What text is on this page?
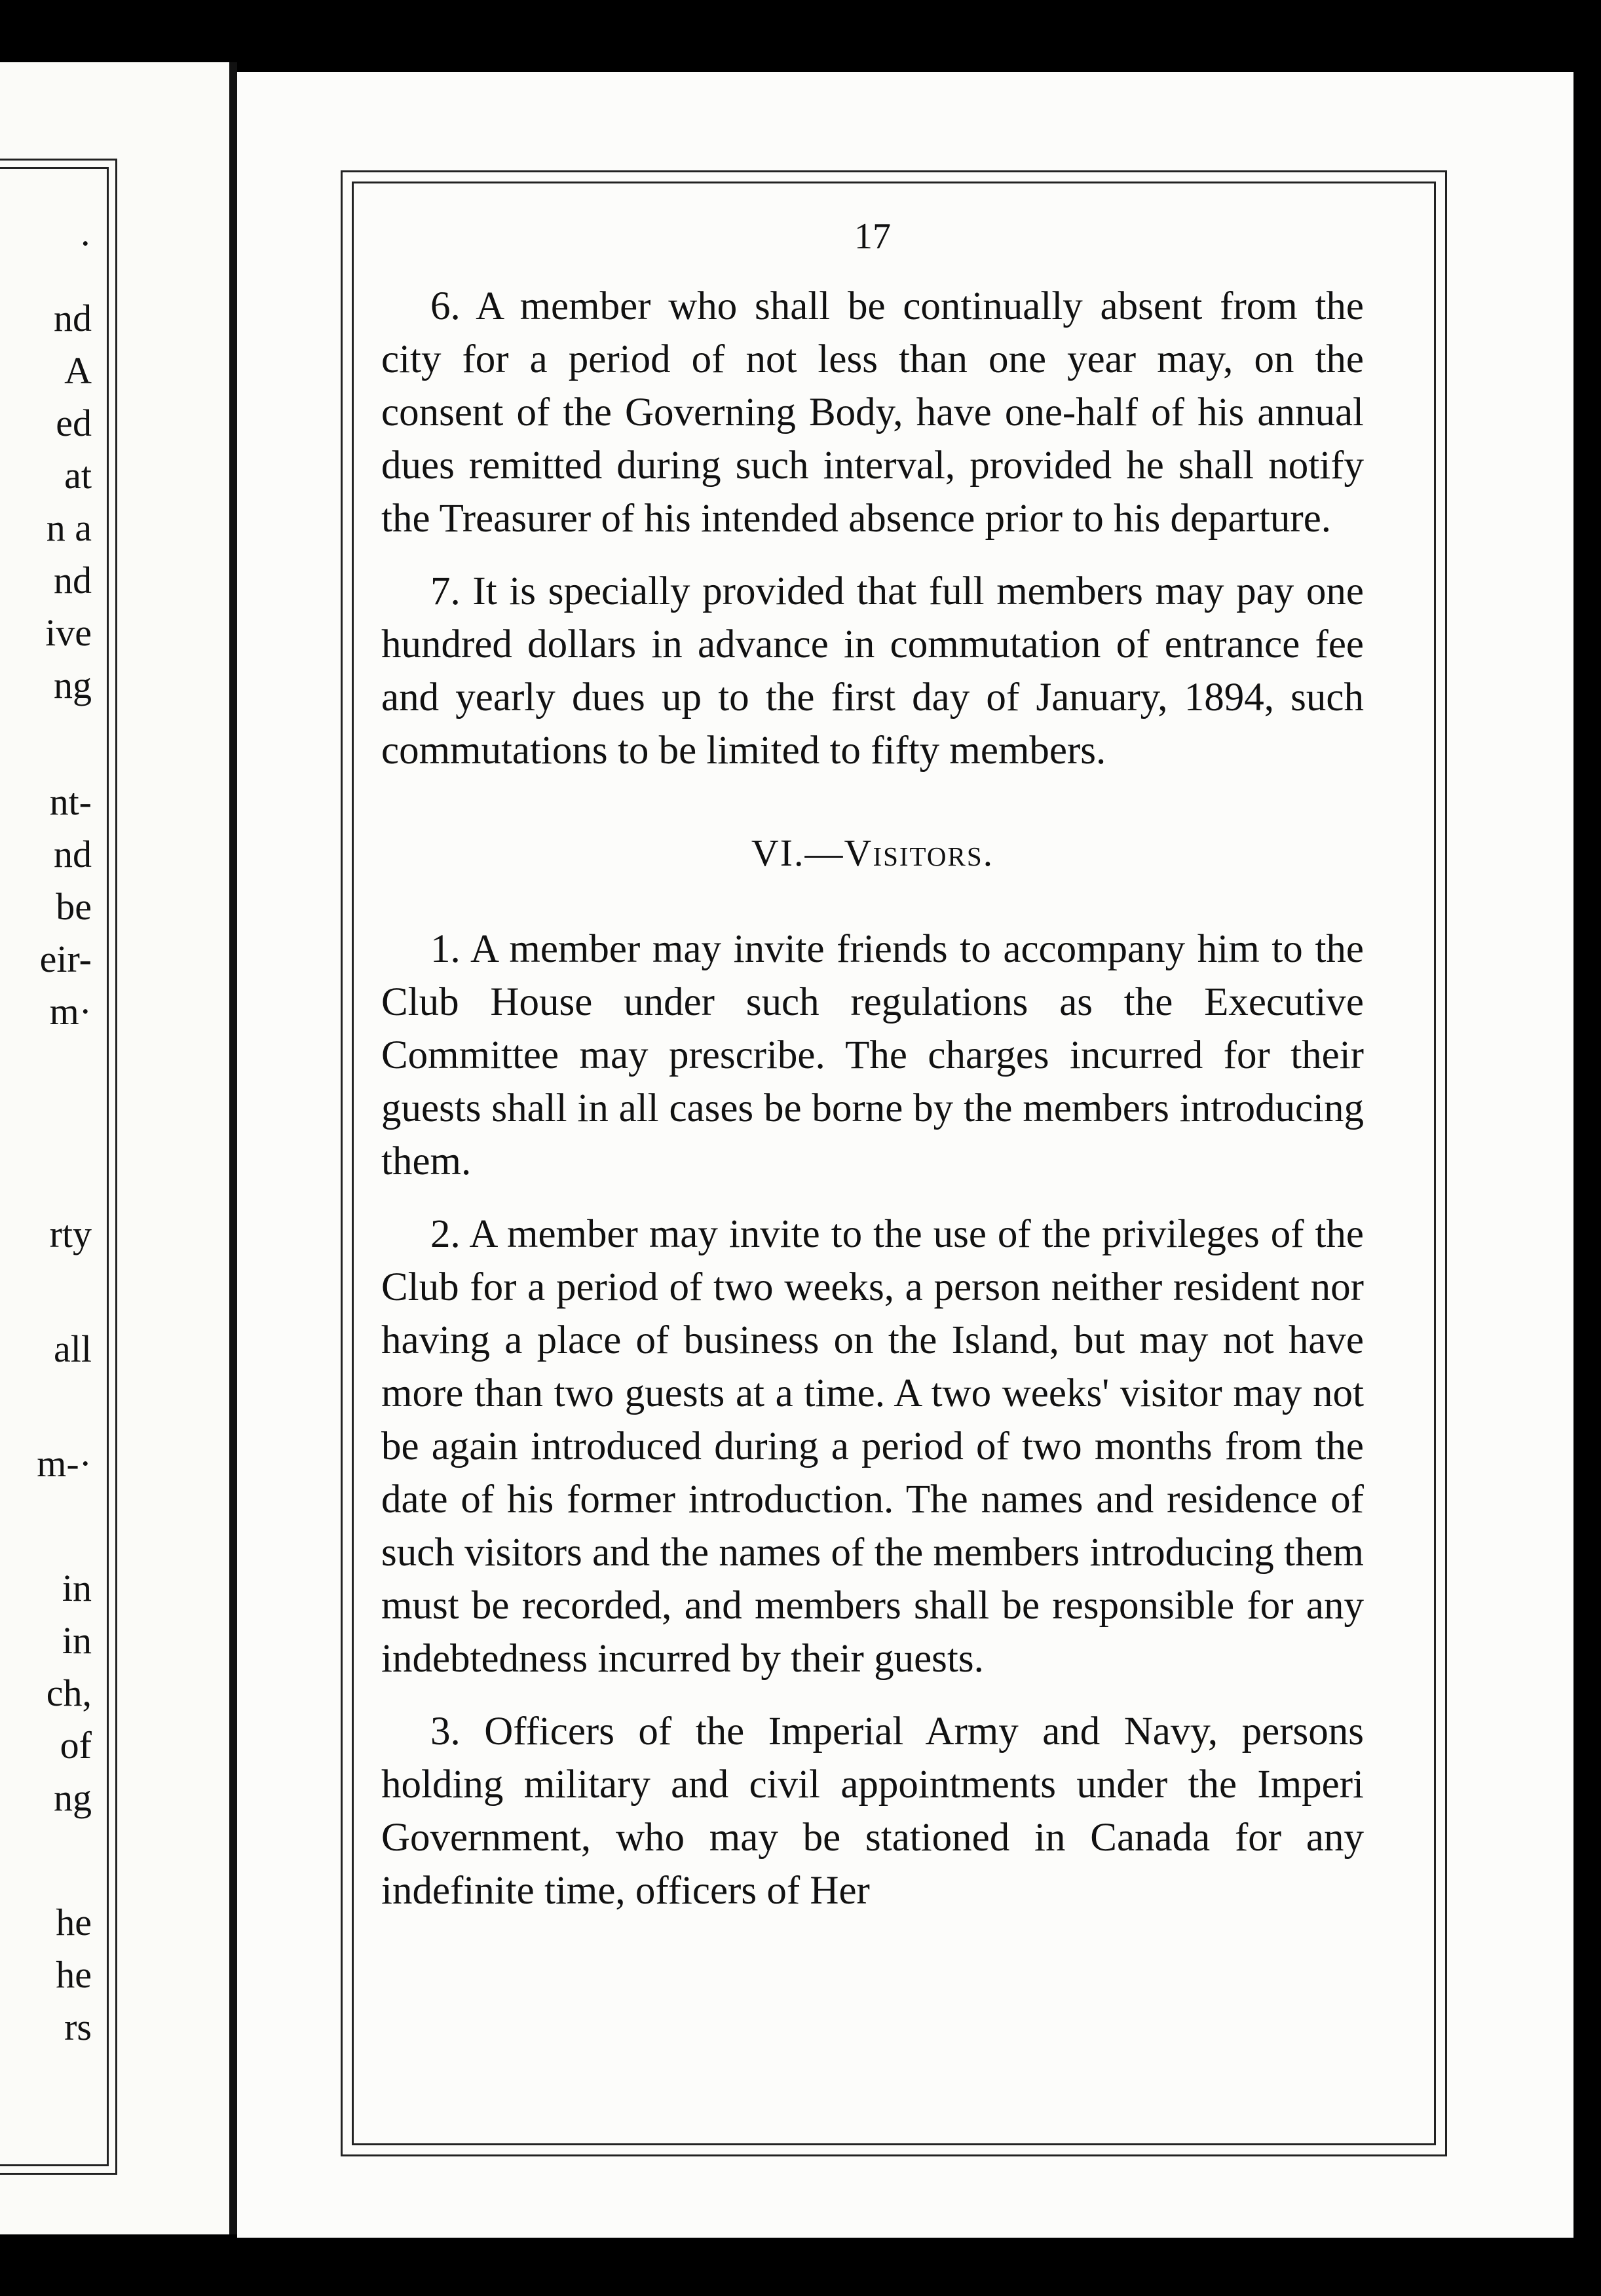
·
nd
A
ed
at
n a
nd
ive
ng
nt-
nd
be
eir-
m·
rty
all
m-·
in
in
ch,
of
ng
he
he
rs
17

6. A member who shall be continually absent from the city for a period of not less than one year may, on the consent of the Governing Body, have one-half of his annual dues remitted during such interval, provided he shall notify the Treasurer of his intended absence prior to his departure.

7. It is specially provided that full members may pay one hundred dollars in advance in commutation of entrance fee and yearly dues up to the first day of January, 1894, such commutations to be limited to fifty members.

VI.—Visitors.

1. A member may invite friends to accompany him to the Club House under such regulations as the Executive Committee may prescribe. The charges incurred for their guests shall in all cases be borne by the members introducing them.

2. A member may invite to the use of the privileges of the Club for a period of two weeks, a person neither resident nor having a place of business on the Island, but may not have more than two guests at a time. A two weeks' visitor may not be again introduced during a period of two months from the date of his former introduction. The names and residence of such visitors and the names of the members introducing them must be recorded, and members shall be responsible for any indebtedness incurred by their guests.

3. Officers of the Imperial Army and Navy, persons holding military and civil appointments under the Imperi Government, who may be stationed in Canada for any indefinite time, officers of Her
